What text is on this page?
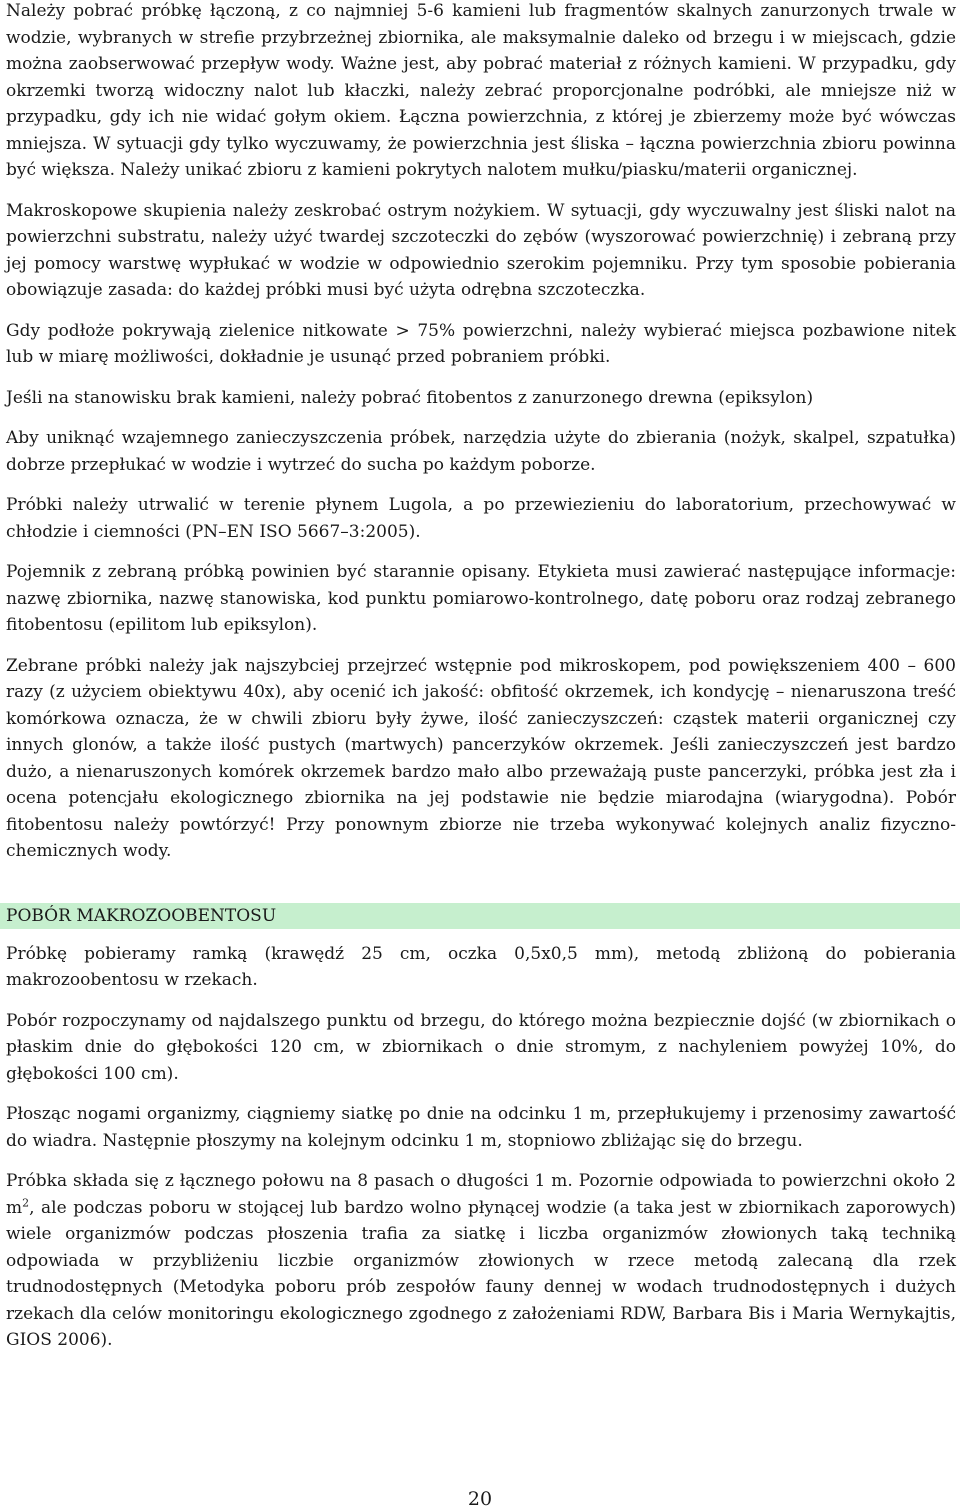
Należy pobrać próbkę łączoną, z co najmniej 5-6 kamieni lub fragmentów skalnych zanurzonych trwale w wodzie, wybranych w strefie przybrzeżnej zbiornika, ale maksymalnie daleko od brzegu i w miejscach, gdzie można zaobserwować przepływ wody. Ważne jest, aby pobrać materiał z różnych kamieni. W przypadku, gdy okrzemki tworzą widoczny nalot lub kłaczki, należy zebrać proporcjonalne podróbki, ale mniejsze niż w przypadku, gdy ich nie widać gołym okiem. Łączna powierzchnia, z której je zbierzemy może być wówczas mniejsza. W sytuacji gdy tylko wyczuwamy, że powierzchnia jest śliska – łączna powierzchnia zbioru powinna być większa. Należy unikać zbioru z kamieni pokrytych nalotem mułku/piasku/materii organicznej.

Makroskopowe skupienia należy zeskrobać ostrym nożykiem. W sytuacji, gdy wyczuwalny jest śliski nalot na powierzchni substratu, należy użyć twardej szczoteczki do zębów (wyszorować powierzchnię) i zebraną przy jej pomocy warstwę wypłukać w wodzie w odpowiednio szerokim pojemniku. Przy tym sposobie pobierania obowiązuje zasada: do każdej próbki musi być użyta odrębna szczoteczka.

Gdy podłoże pokrywają zielenice nitkowate > 75% powierzchni, należy wybierać miejsca pozbawione nitek lub w miarę możliwości, dokładnie je usunąć przed pobraniem próbki.

Jeśli na stanowisku brak kamieni, należy pobrać fitobentos z zanurzonego drewna (epiksylon)

Aby uniknąć wzajemnego zanieczyszczenia próbek, narzędzia użyte do zbierania (nożyk, skalpel, szpatułka) dobrze przepłukać w wodzie i wytrzeć do sucha po każdym poborze.

Próbki należy utrwalić w terenie płynem Lugola, a po przewiezieniu do laboratorium, przechowywać w chłodzie i ciemności (PN–EN ISO 5667–3:2005).

Pojemnik z zebraną próbką powinien być starannie opisany. Etykieta musi zawierać następujące informacje: nazwę zbiornika, nazwę stanowiska, kod punktu pomiarowo-kontrolnego, datę poboru oraz rodzaj zebranego fitobentosu (epilitom lub epiksylon).

Zebrane próbki należy jak najszybciej przejrzeć wstępnie pod mikroskopem, pod powiększeniem 400 – 600 razy (z użyciem obiektywu 40x), aby ocenić ich jakość: obfitość okrzemek, ich kondycję – nienaruszona treść komórkowa oznacza, że w chwili zbioru były żywe, ilość zanieczyszczeń: cząstek materii organicznej czy innych glonów, a także ilość pustych (martwych) pancerzyków okrzemek. Jeśli zanieczyszczeń jest bardzo dużo, a nienaruszonych komórek okrzemek bardzo mało albo przeważają puste pancerzyki, próbka jest zła i ocena potencjału ekologicznego zbiornika na jej podstawie nie będzie miarodajna (wiarygodna). Pobór fitobentosu należy powtórzyć! Przy ponownym zbiorze nie trzeba wykonywać kolejnych analiz fizyczno-chemicznych wody.

POBÓR MAKROZOOBENTOSU

Próbkę pobieramy ramką (krawędź 25 cm, oczka 0,5x0,5 mm), metodą zbliżoną do pobierania makrozoobentosu w rzekach.

Pobór rozpoczynamy od najdalszego punktu od brzegu, do którego można bezpiecznie dojść (w zbiornikach o płaskim dnie do głębokości 120 cm, w zbiornikach o dnie stromym, z nachyleniem powyżej 10%, do głębokości 100 cm).

Płosząc nogami organizmy, ciągniemy siatkę po dnie na odcinku 1 m, przepłukujemy i przenosimy zawartość do wiadra. Następnie płoszymy na kolejnym odcinku 1 m, stopniowo zbliżając się do brzegu.

Próbka składa się z łącznego połowu na 8 pasach o długości 1 m. Pozornie odpowiada to powierzchni około 2 $m^2$, ale podczas poboru w stojącej lub bardzo wolno płynącej wodzie (a taka jest w zbiornikach zaporowych) wiele organizmów podczas płoszenia trafia za siatkę i liczba organizmów złowionych taką techniką odpowiada w przybliżeniu liczbie organizmów złowionych w rzece metodą zalecaną dla rzek trudnodostępnych (Metodyka poboru prób zespołów fauny dennej w wodach trudnodostępnych i dużych rzekach dla celów monitoringu ekologicznego zgodnego z założeniami RDW, Barbara Bis i Maria Wernykajtis, GIOS 2006).

20
